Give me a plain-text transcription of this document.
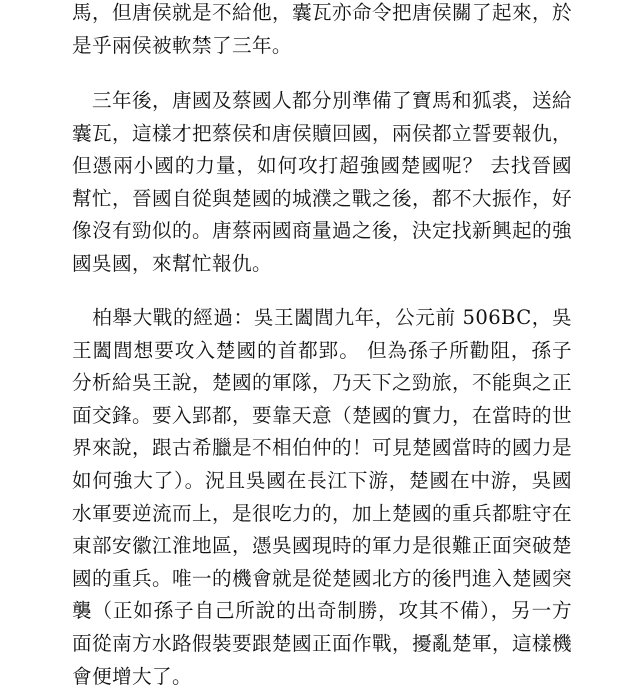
馬，但唐侯就是不給他，囊瓦亦命令把唐侯關了起來，於是乎兩侯被軟禁了三年。

　三年後，唐國及蔡國人都分別準備了寶馬和狐裘，送給囊瓦，這樣才把蔡侯和唐侯贖回國，兩侯都立誓要報仇，但憑兩小國的力量，如何攻打超強國楚國呢？ 去找晉國幫忙，晉國自從與楚國的城濮之戰之後，都不大振作，好像沒有勁似的。唐蔡兩國商量過之後，決定找新興起的強國吳國，來幫忙報仇。

　柏舉大戰的經過：吳王闔閭九年，公元前 506BC，吳王闔閭想要攻入楚國的首都郢。 但為孫子所勸阻，孫子分析給吳王說，楚國的軍隊，乃天下之勁旅，不能與之正面交鋒。要入郢都，要靠天意（楚國的實力，在當時的世界來說，跟古希臘是不相伯仲的！可見楚國當時的國力是如何強大了）。況且吳國在長江下游，楚國在中游，吳國水軍要逆流而上，是很吃力的，加上楚國的重兵都駐守在東部安徽江淮地區，憑吳國現時的軍力是很難正面突破楚國的重兵。唯一的機會就是從楚國北方的後門進入楚國突襲（正如孫子自己所說的出奇制勝，攻其不備），另一方面從南方水路假裝要跟楚國正面作戰，擾亂楚軍，這樣機會便增大了。
